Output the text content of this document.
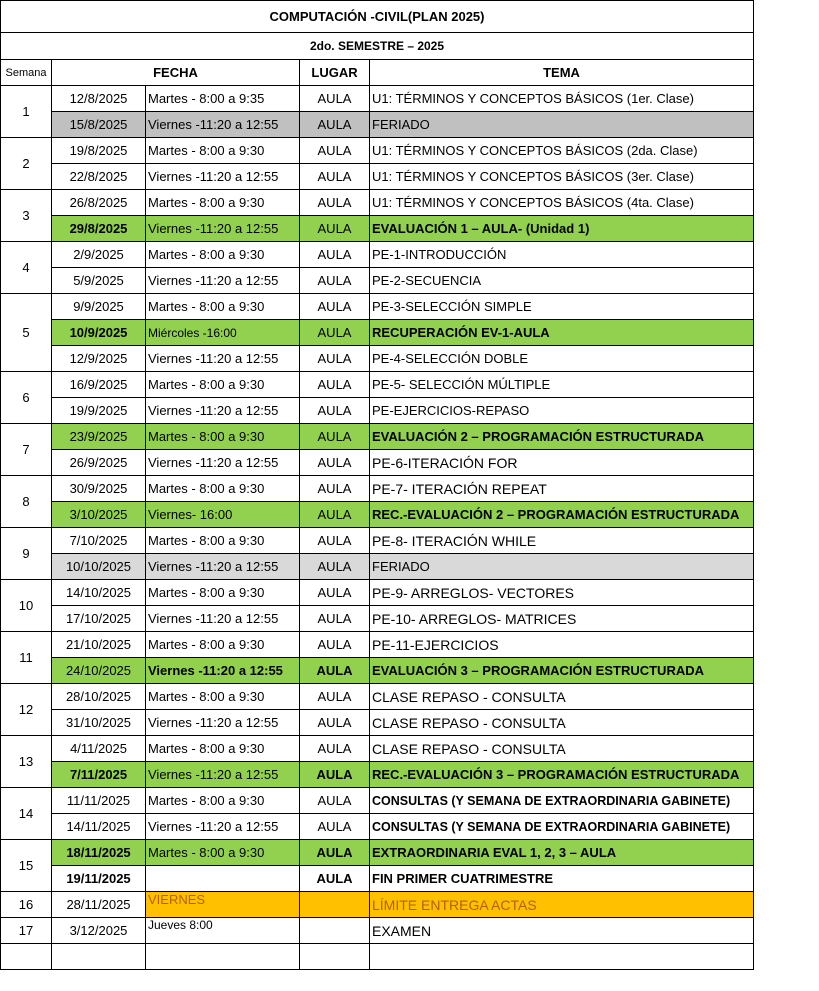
COMPUTACIÓN -CIVIL(PLAN 2025)				
2do. SEMESTRE – 2025				
Semana	FECHA		LUGAR	TEMA
1	12/8/2025	Martes - 8:00 a 9:35	AULA	U1: TÉRMINOS Y CONCEPTOS BÁSICOS (1er. Clase)
	15/8/2025	Viernes -11:20 a 12:55	AULA	FERIADO
2	19/8/2025	Martes - 8:00 a 9:30	AULA	U1: TÉRMINOS Y CONCEPTOS BÁSICOS (2da. Clase)
	22/8/2025	Viernes -11:20 a 12:55	AULA	U1: TÉRMINOS Y CONCEPTOS BÁSICOS (3er. Clase)
3	26/8/2025	Martes - 8:00 a 9:30	AULA	U1: TÉRMINOS Y CONCEPTOS BÁSICOS (4ta. Clase)
	29/8/2025	Viernes -11:20 a 12:55	AULA	EVALUACIÓN 1 – AULA- (Unidad 1)
4	2/9/2025	Martes - 8:00 a 9:30	AULA	PE-1-INTRODUCCIÓN
	5/9/2025	Viernes -11:20 a 12:55	AULA	PE-2-SECUENCIA
5	9/9/2025	Martes - 8:00 a 9:30	AULA	PE-3-SELECCIÓN SIMPLE
	10/9/2025	Miércoles -16:00	AULA	RECUPERACIÓN EV-1-AULA
	12/9/2025	Viernes -11:20 a 12:55	AULA	PE-4-SELECCIÓN DOBLE
6	16/9/2025	Martes - 8:00 a 9:30	AULA	PE-5- SELECCIÓN MÚLTIPLE
	19/9/2025	Viernes -11:20 a 12:55	AULA	PE-EJERCICIOS-REPASO
7	23/9/2025	Martes - 8:00 a 9:30	AULA	EVALUACIÓN 2 – PROGRAMACIÓN ESTRUCTURADA
	26/9/2025	Viernes -11:20 a 12:55	AULA	PE-6-ITERACIÓN FOR
8	30/9/2025	Martes - 8:00 a 9:30	AULA	PE-7- ITERACIÓN REPEAT
	3/10/2025	Viernes- 16:00	AULA	REC.-EVALUACIÓN 2 – PROGRAMACIÓN ESTRUCTURADA
9	7/10/2025	Martes - 8:00 a 9:30	AULA	PE-8- ITERACIÓN WHILE
	10/10/2025	Viernes -11:20 a 12:55	AULA	FERIADO
10	14/10/2025	Martes - 8:00 a 9:30	AULA	PE-9- ARREGLOS- VECTORES
	17/10/2025	Viernes -11:20 a 12:55	AULA	PE-10- ARREGLOS- MATRICES
11	21/10/2025	Martes - 8:00 a 9:30	AULA	PE-11-EJERCICIOS
	24/10/2025	Viernes -11:20 a 12:55	AULA	EVALUACIÓN 3 – PROGRAMACIÓN ESTRUCTURADA
12	28/10/2025	Martes - 8:00 a 9:30	AULA	CLASE REPASO - CONSULTA
	31/10/2025	Viernes -11:20 a 12:55	AULA	CLASE REPASO - CONSULTA
13	4/11/2025	Martes - 8:00 a 9:30	AULA	CLASE REPASO - CONSULTA
	7/11/2025	Viernes -11:20 a 12:55	AULA	REC.-EVALUACIÓN 3 – PROGRAMACIÓN ESTRUCTURADA
14	11/11/2025	Martes - 8:00 a 9:30	AULA	CONSULTAS (Y SEMANA DE EXTRAORDINARIA GABINETE)
	14/11/2025	Viernes -11:20 a 12:55	AULA	CONSULTAS (Y SEMANA DE EXTRAORDINARIA GABINETE)
15	18/11/2025	Martes - 8:00 a 9:30	AULA	EXTRAORDINARIA EVAL 1, 2, 3 – AULA
	19/11/2025		AULA	FIN PRIMER CUATRIMESTRE
16	28/11/2025	VIERNES		LÍMITE ENTREGA ACTAS
17	3/12/2025	Jueves 8:00		EXAMEN
